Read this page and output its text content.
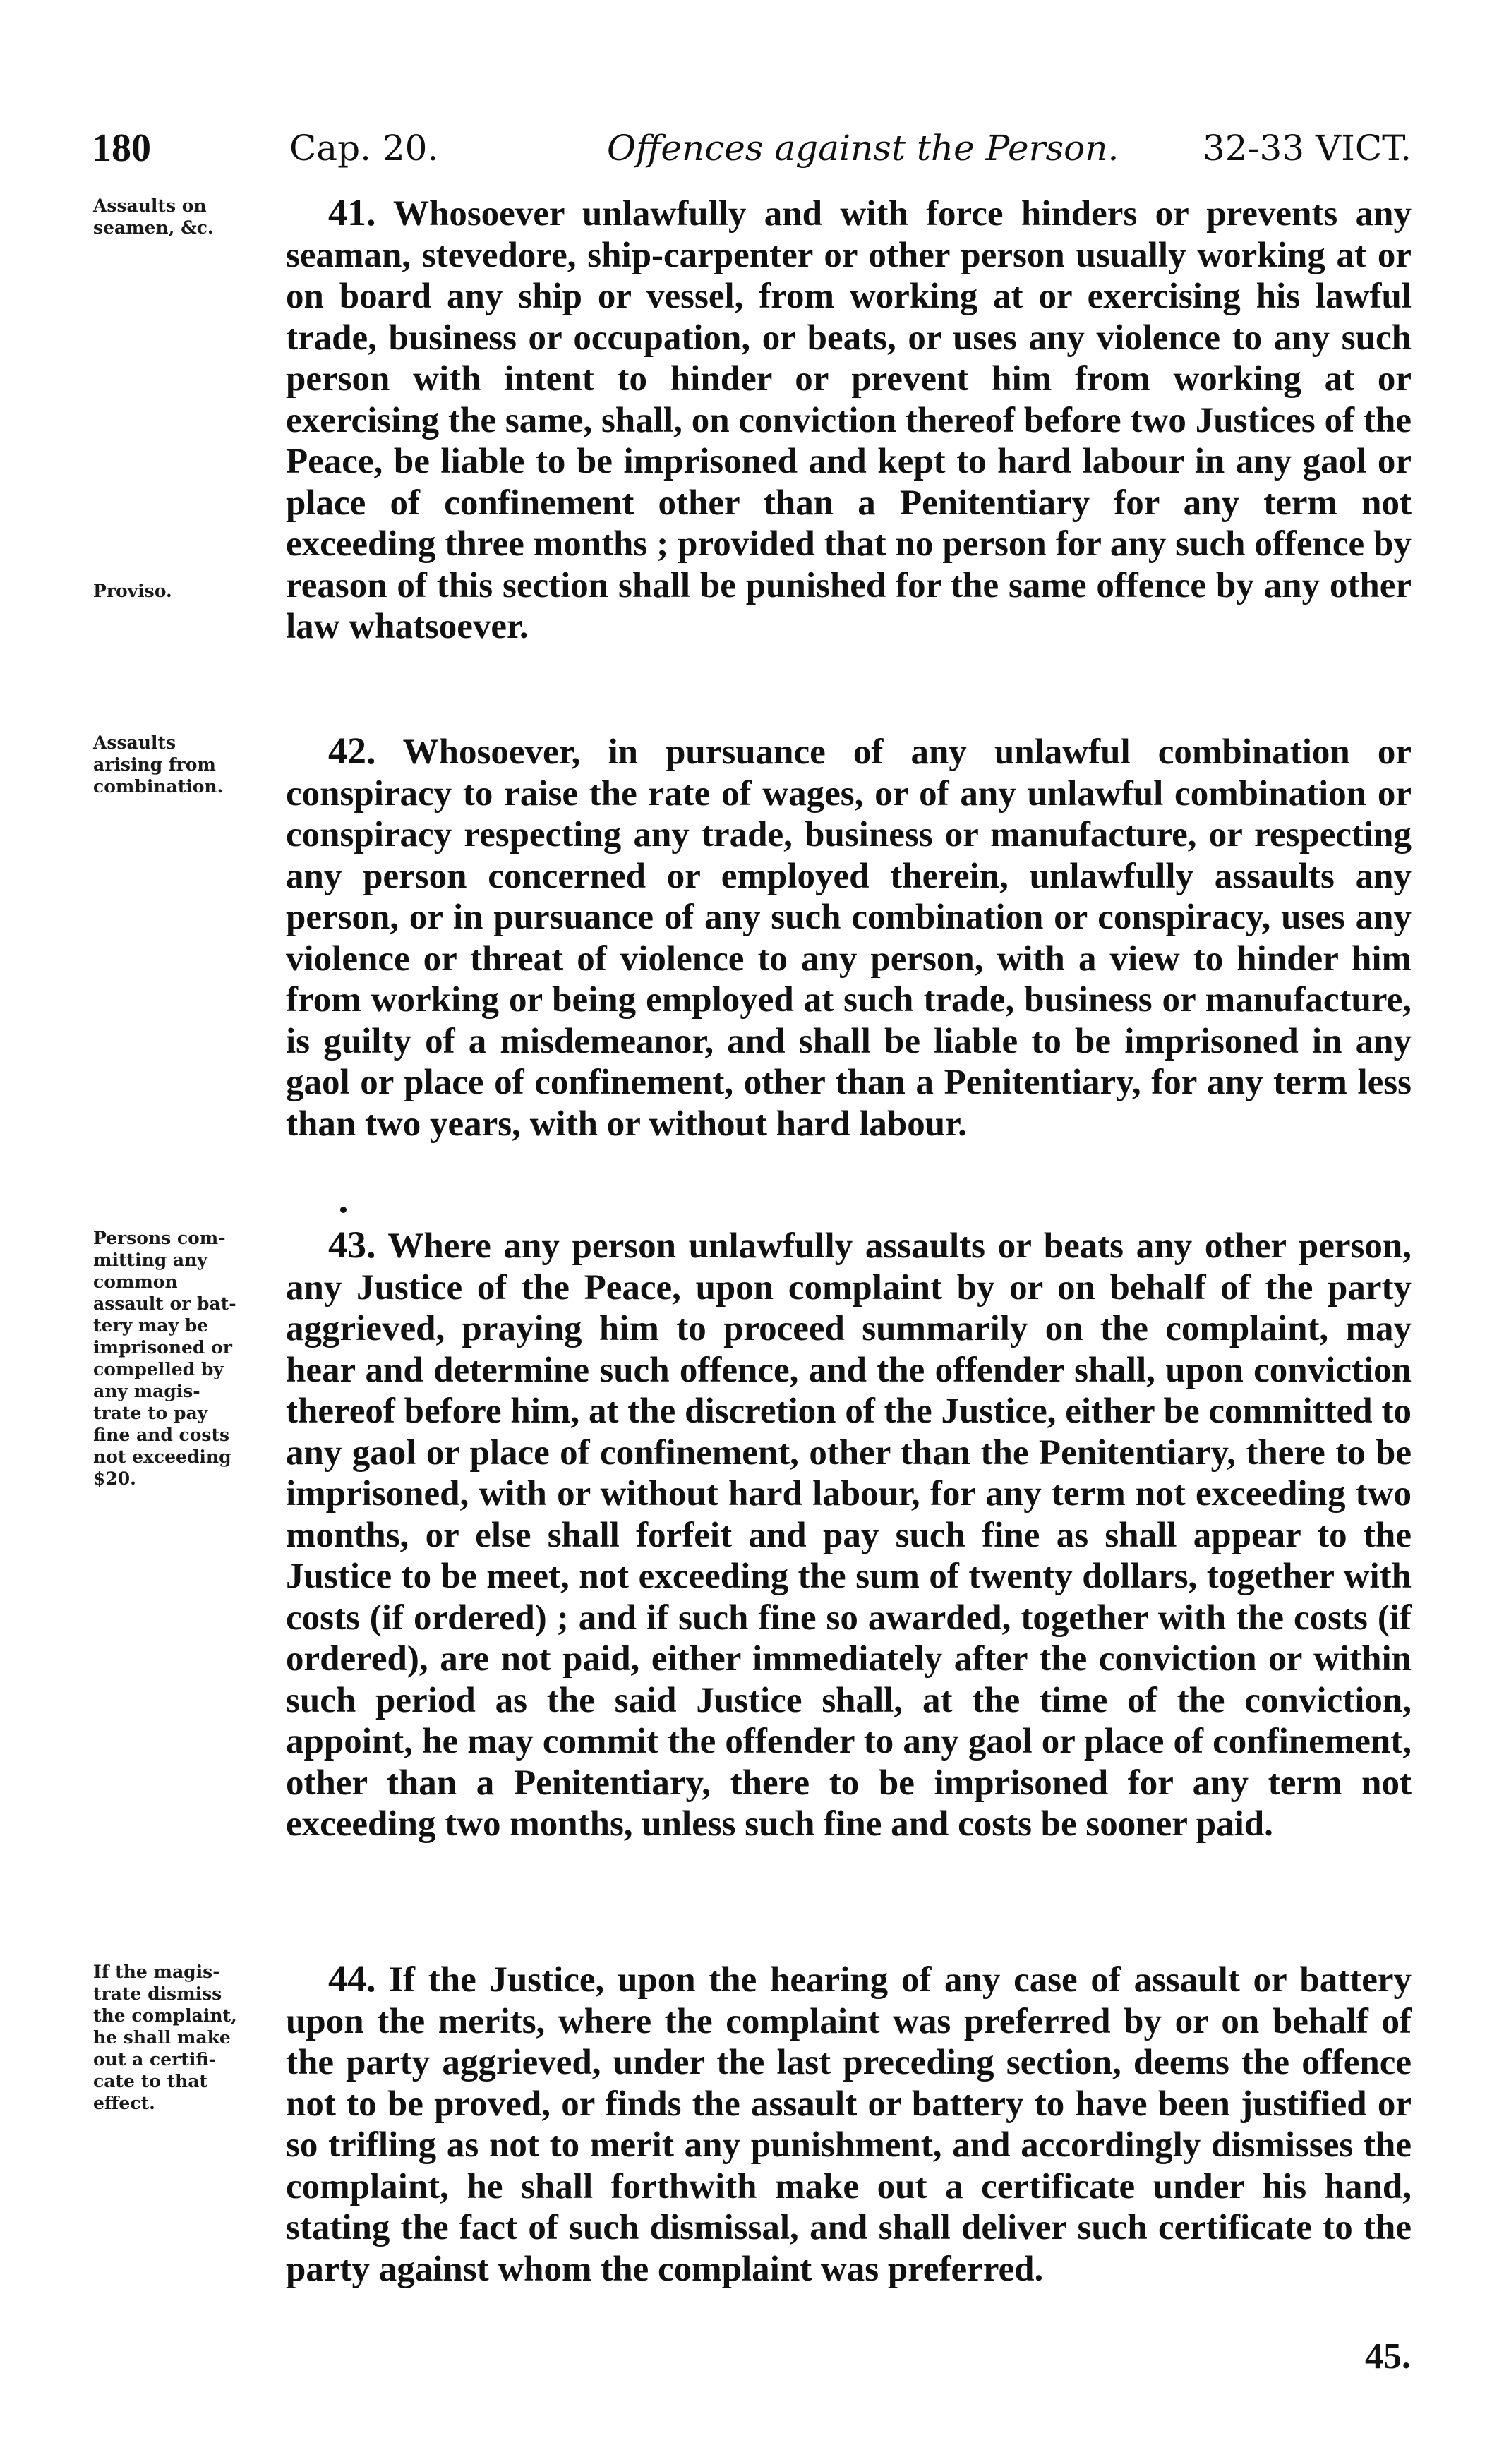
180	Cap. 20.	Offences against the Person. 32-33 VICT.
Assaults on
seamen, &c.
Proviso.
41. Whosoever unlawfully and with force hinders or prevents any seaman, stevedore, ship-carpenter or other person usually working at or on board any ship or vessel, from working at or exercising his lawful trade, business or occupation, or beats, or uses any violence to any such person with intent to hinder or prevent him from working at or exercising the same, shall, on conviction thereof before two Justices of the Peace, be liable to be imprisoned and kept to hard labour in any gaol or place of confinement other than a Penitentiary for any term not exceeding three months ; provided that no person for any such offence by reason of this section shall be punished for the same offence by any other law whatsoever.
Assaults
arising from
combination.
42. Whosoever, in pursuance of any unlawful combination or conspiracy to raise the rate of wages, or of any unlawful combination or conspiracy respecting any trade, business or manufacture, or respecting any person concerned or employed therein, unlawfully assaults any person, or in pursuance of any such combination or conspiracy, uses any violence or threat of violence to any person, with a view to hinder him from working or being employed at such trade, business or manufacture, is guilty of a misdemeanor, and shall be liable to be imprisoned in any gaol or place of confinement, other than a Penitentiary, for any term less than two years, with or without hard labour.
Persons com-
mitting any
common
assault or bat-
tery may be
imprisoned or
compelled by
any magis-
trate to pay
fine and costs
not exceeding
$20.
43. Where any person unlawfully assaults or beats any other person, any Justice of the Peace, upon complaint by or on behalf of the party aggrieved, praying him to proceed summarily on the complaint, may hear and determine such offence, and the offender shall, upon conviction thereof before him, at the discretion of the Justice, either be committed to any gaol or place of confinement, other than the Penitentiary, there to be imprisoned, with or without hard labour, for any term not exceeding two months, or else shall forfeit and pay such fine as shall appear to the Justice to be meet, not exceeding the sum of twenty dollars, together with costs (if ordered) ; and if such fine so awarded, together with the costs (if ordered), are not paid, either immediately after the conviction or within such period as the said Justice shall, at the time of the conviction, appoint, he may commit the offender to any gaol or place of confinement, other than a Penitentiary, there to be imprisoned for any term not exceeding two months, unless such fine and costs be sooner paid.
If the magis-
trate dismiss
the complaint,
he shall make
out a certifi-
cate to that
effect.
44. If the Justice, upon the hearing of any case of assault or battery upon the merits, where the complaint was preferred by or on behalf of the party aggrieved, under the last preceding section, deems the offence not to be proved, or finds the assault or battery to have been justified or so trifling as not to merit any punishment, and accordingly dismisses the complaint, he shall forthwith make out a certificate under his hand, stating the fact of such dismissal, and shall deliver such certificate to the party against whom the complaint was preferred.
45.
